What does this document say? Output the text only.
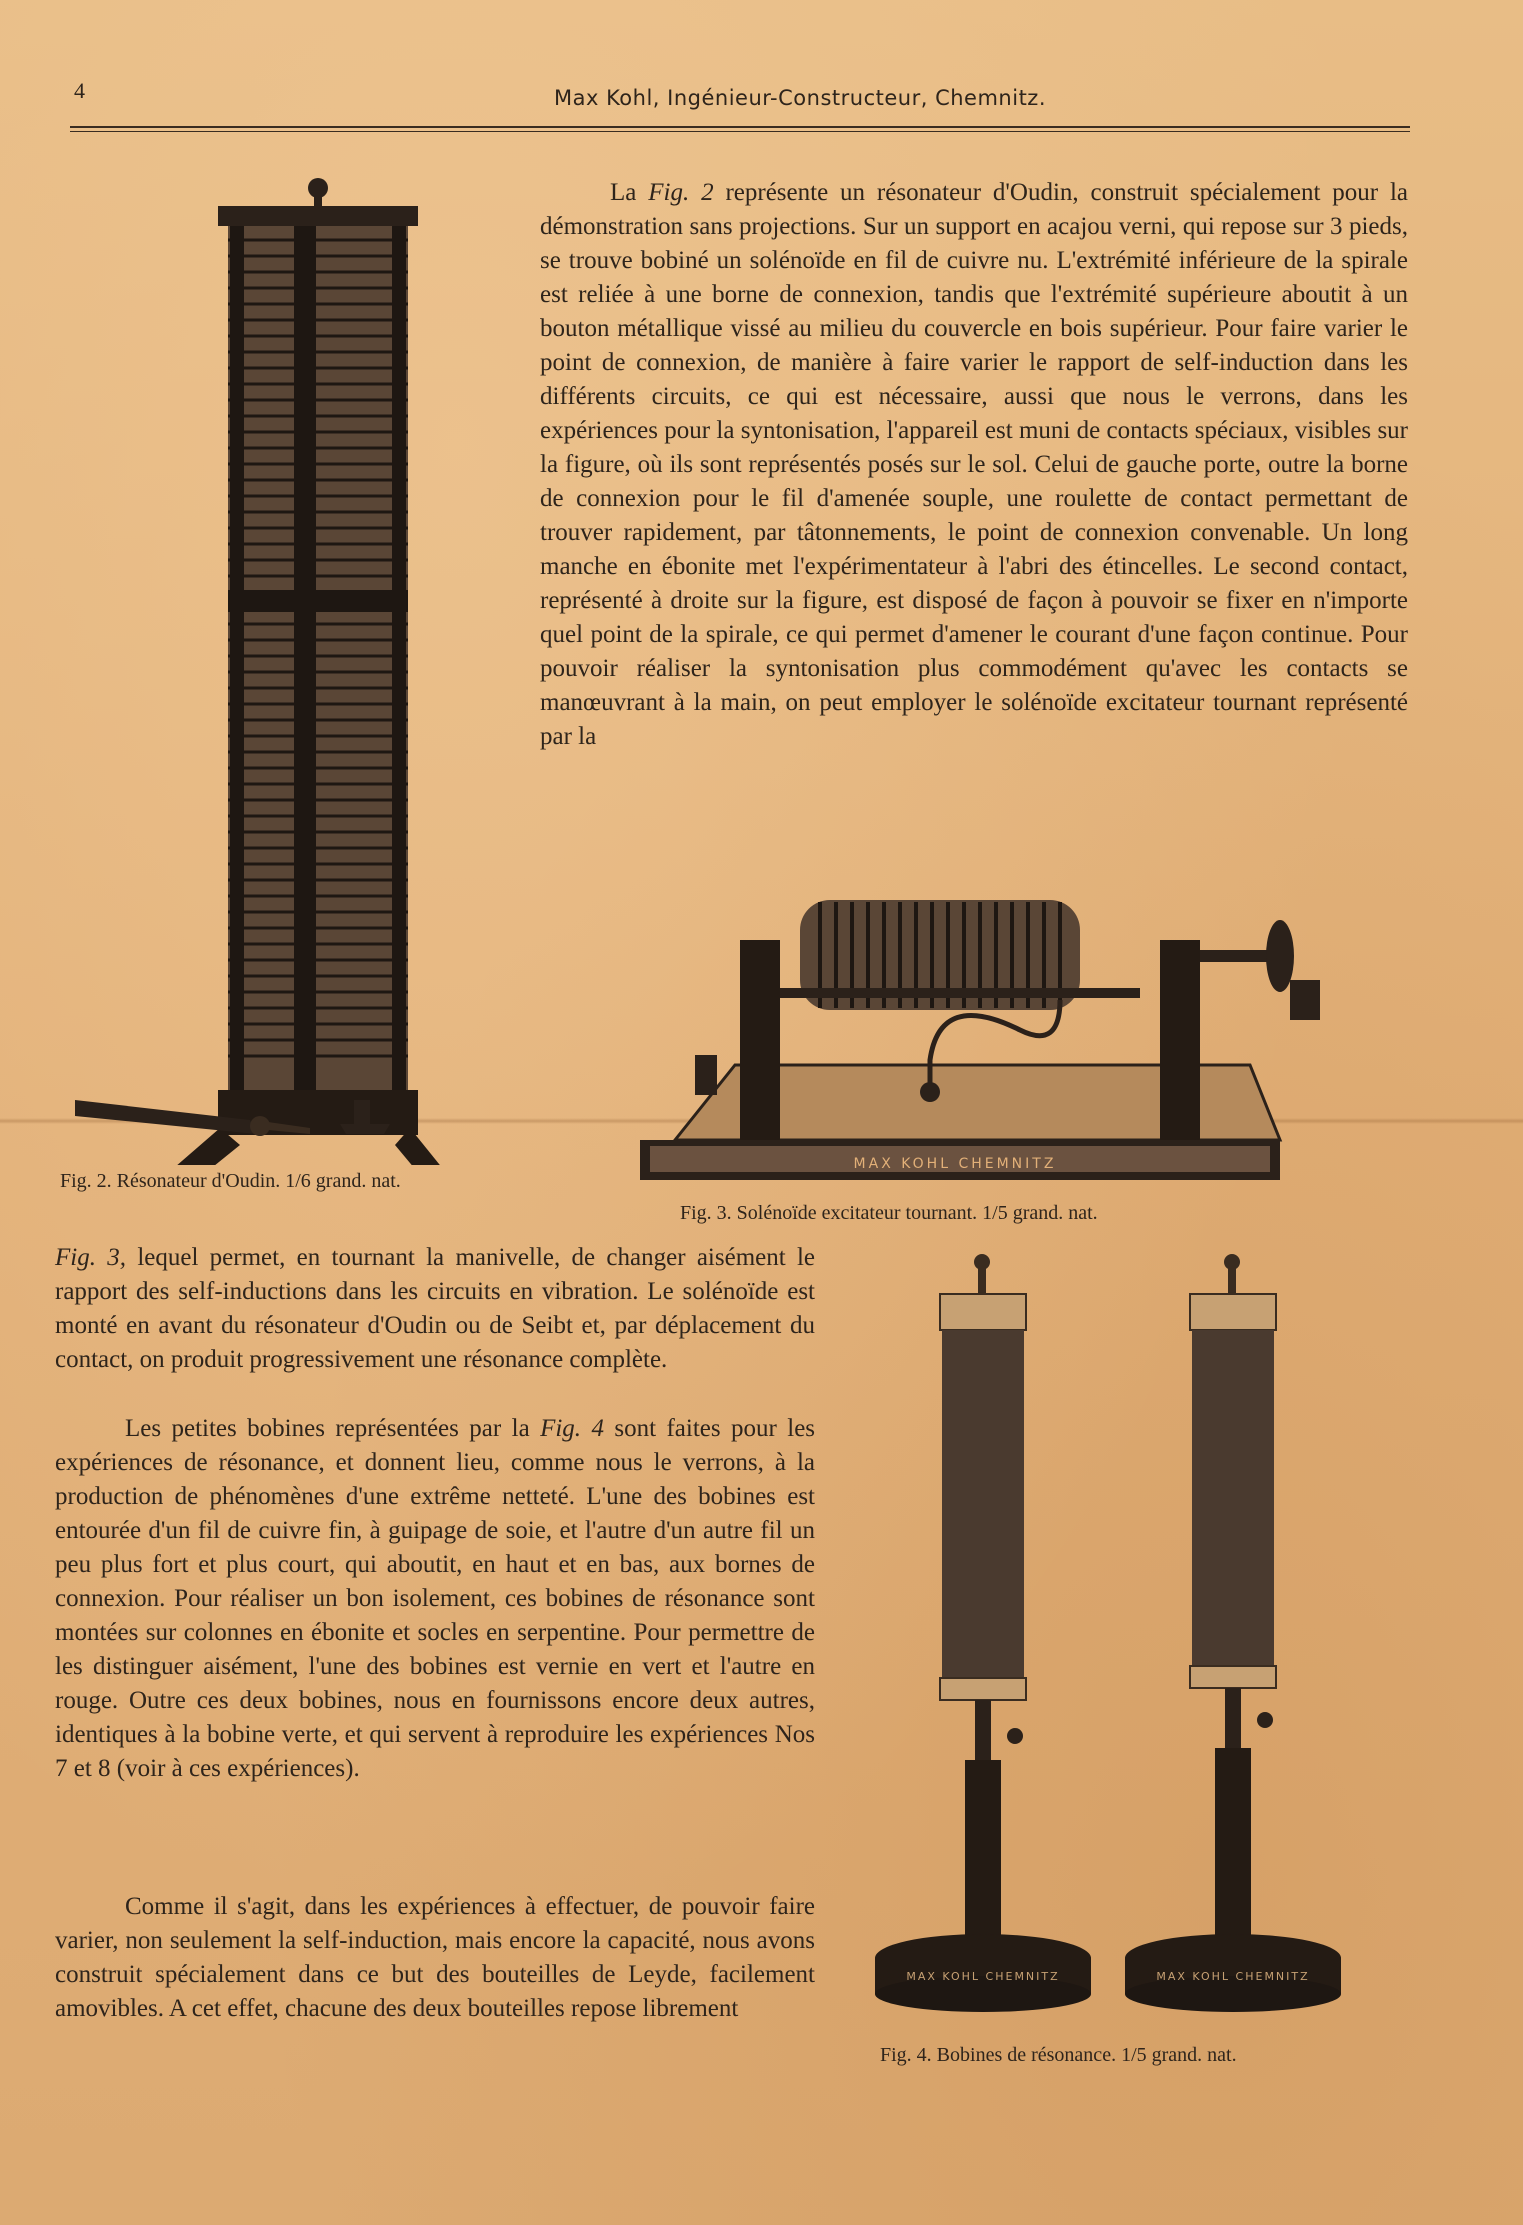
4	Max Kohl, Ingénieur-Constructeur, Chemnitz.

La Fig. 2 représente un résonateur d'Oudin, construit spécialement pour la démonstration sans projections. Sur un support en acajou verni, qui repose sur 3 pieds, se trouve bobiné un solénoïde en fil de cuivre nu. L'extrémité inférieure de la spirale est reliée à une borne de connexion, tandis que l'extrémité supérieure aboutit à un bouton métallique vissé au milieu du couvercle en bois supérieur. Pour faire varier le point de connexion, de manière à faire varier le rapport de self-induction dans les différents circuits, ce qui est nécessaire, aussi que nous le verrons, dans les expériences pour la syntonisation, l'appareil est muni de contacts spéciaux, visibles sur la figure, où ils sont représentés posés sur le sol. Celui de gauche porte, outre la borne de connexion pour le fil d'amenée souple, une roulette de contact permettant de trouver rapidement, par tâtonnements, le point de connexion convenable. Un long manche en ébonite met l'expérimentateur à l'abri des étincelles. Le second contact, représenté à droite sur la figure, est disposé de façon à pouvoir se fixer en n'importe quel point de la spirale, ce qui permet d'amener le courant d'une façon continue. Pour pouvoir réaliser la syntonisation plus commodément qu'avec les contacts se manœuvrant à la main, on peut employer le solénoïde excitateur tournant représenté par la

Fig. 2. Résonateur d'Oudin. 1/6 grand. nat.
MAX KOHL CHEMNITZ
Fig. 3. Solénoïde excitateur tournant. 1/5 grand. nat.

Fig. 3, lequel permet, en tournant la manivelle, de changer aisément le rapport des self-inductions dans les circuits en vibration. Le solénoïde est monté en avant du résonateur d'Oudin ou de Seibt et, par déplacement du contact, on produit progressivement une résonance complète.

Les petites bobines représentées par la Fig. 4 sont faites pour les expériences de résonance, et donnent lieu, comme nous le verrons, à la production de phénomènes d'une extrême netteté. L'une des bobines est entourée d'un fil de cuivre fin, à guipage de soie, et l'autre d'un autre fil un peu plus fort et plus court, qui aboutit, en haut et en bas, aux bornes de connexion. Pour réaliser un bon isolement, ces bobines de résonance sont montées sur colonnes en ébonite et socles en serpentine. Pour permettre de les distinguer aisément, l'une des bobines est vernie en vert et l'autre en rouge. Outre ces deux bobines, nous en fournissons encore deux autres, identiques à la bobine verte, et qui servent à reproduire les expériences Nos 7 et 8 (voir à ces expériences).

Comme il s'agit, dans les expériences à effectuer, de pouvoir faire varier, non seulement la self-induction, mais encore la capacité, nous avons construit spécialement dans ce but des bouteilles de Leyde, facilement amovibles. A cet effet, chacune des deux bouteilles repose librement

MAX KOHL CHEMNITZ	MAX KOHL CHEMNITZ
Fig. 4. Bobines de résonance. 1/5 grand. nat.
